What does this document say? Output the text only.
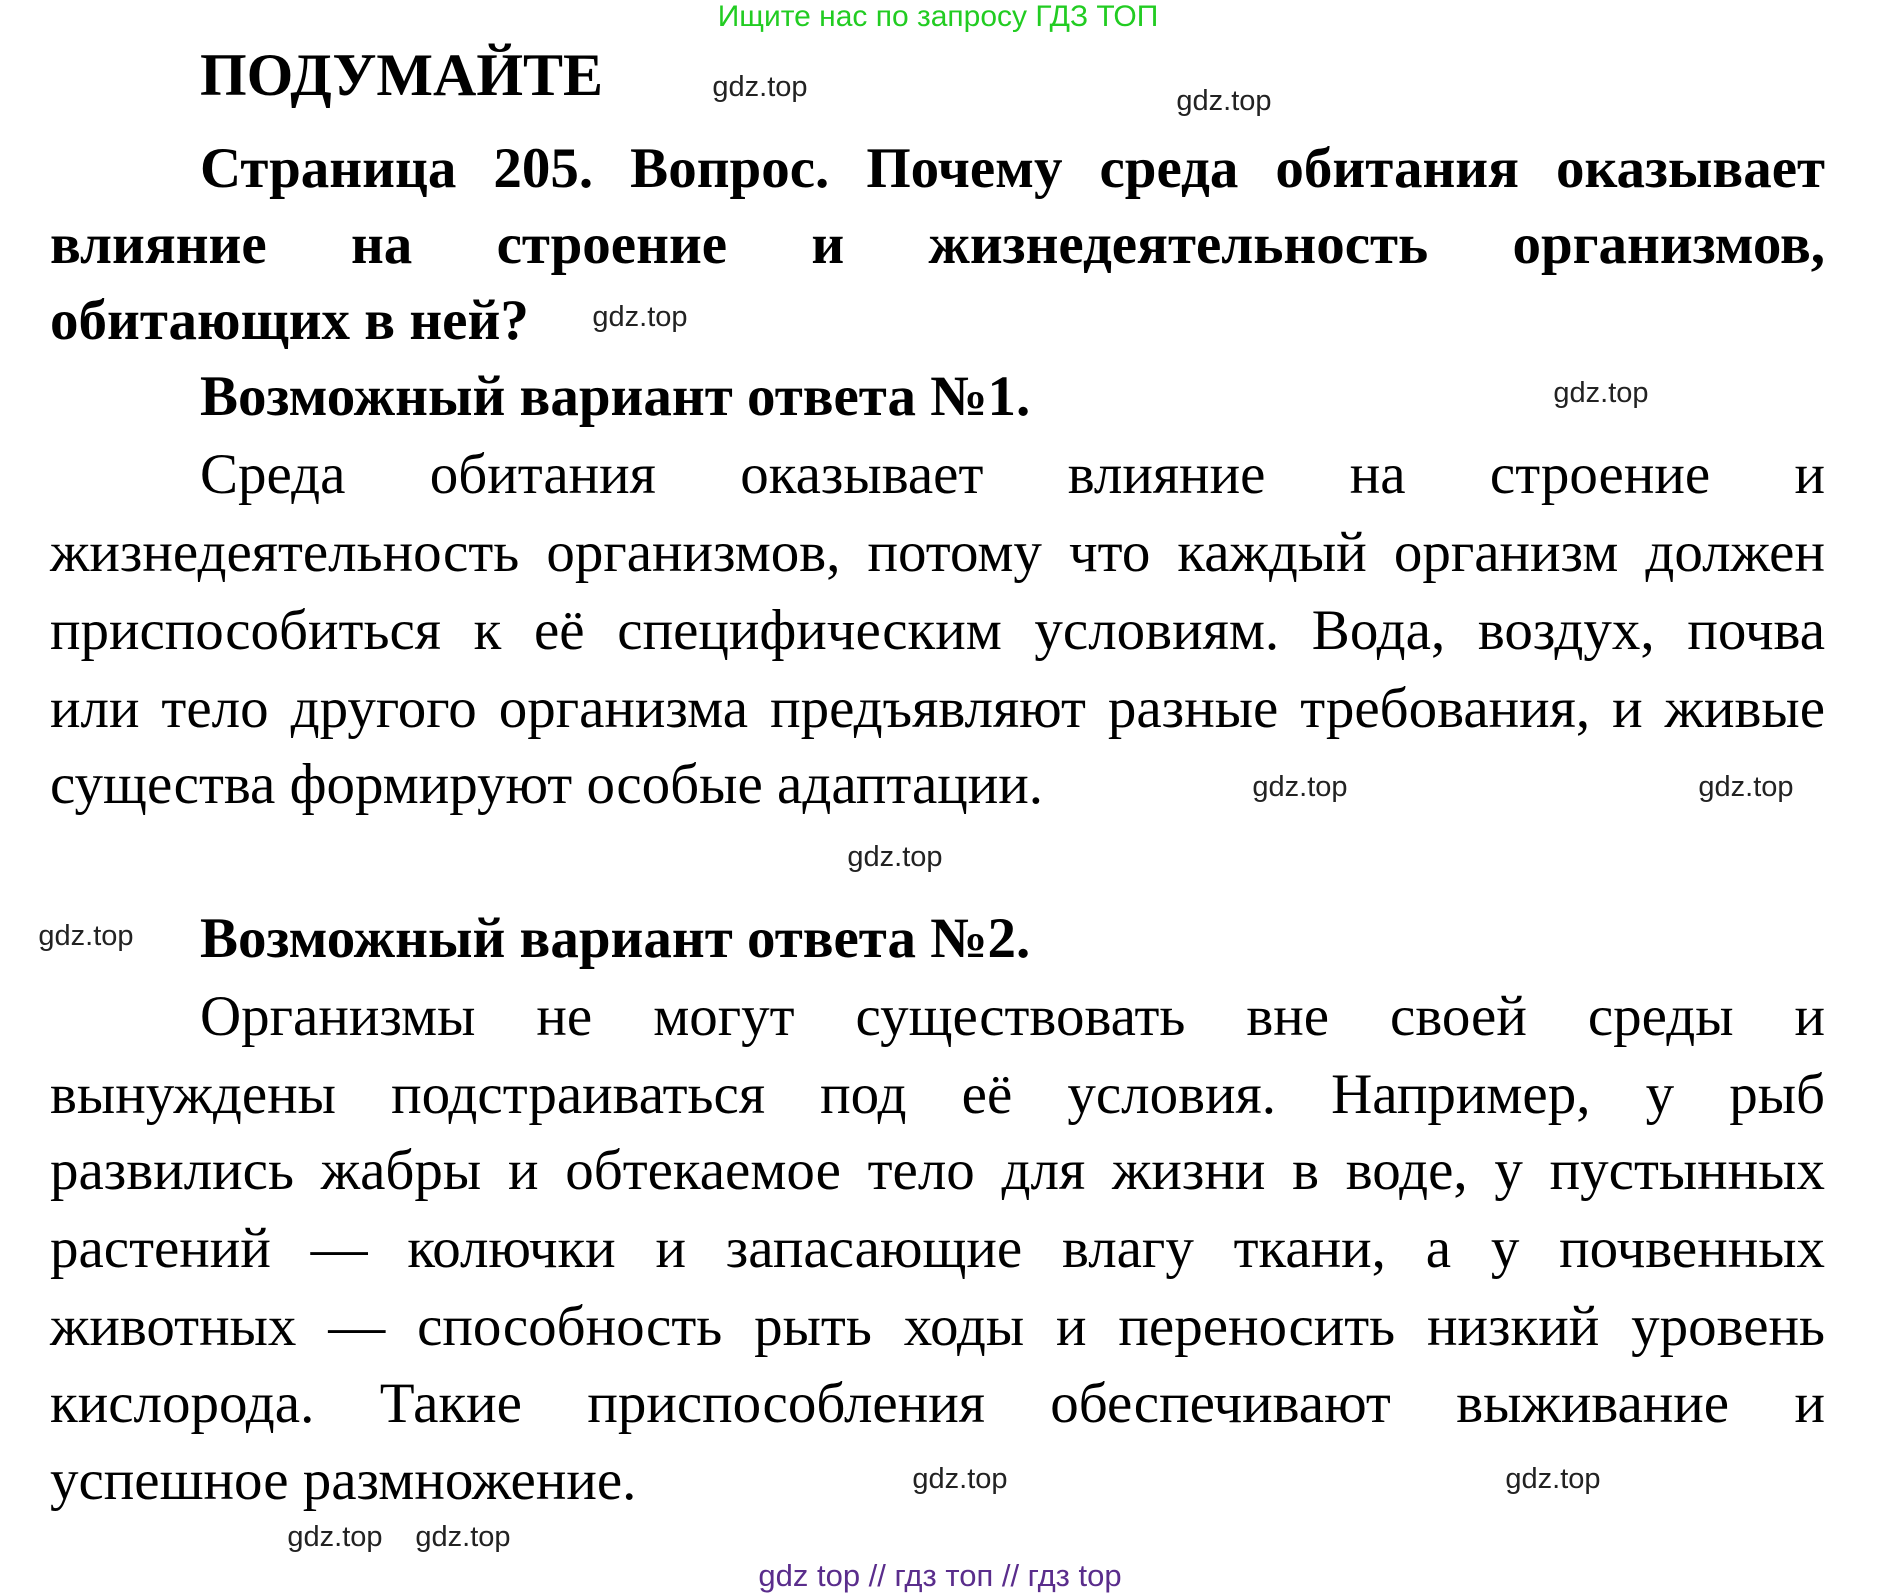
Ищите нас по запросу ГДЗ ТОП
ПОДУМАЙТЕ
Страница 205. Вопрос. Почему среда обитания оказывает
влияние на строение и жизнедеятельность организмов,
обитающих в ней?
Возможный вариант ответа №1.
Среда обитания оказывает влияние на строение и
жизнедеятельность организмов, потому что каждый организм должен
приспособиться к её специфическим условиям. Вода, воздух, почва
или тело другого организма предъявляют разные требования, и живые
существа формируют особые адаптации.
Возможный вариант ответа №2.
Организмы не могут существовать вне своей среды и
вынуждены подстраиваться под её условия. Например, у рыб
развились жабры и обтекаемое тело для жизни в воде, у пустынных
растений — колючки и запасающие влагу ткани, а у почвенных
животных — способность рыть ходы и переносить низкий уровень
кислорода. Такие приспособления обеспечивают выживание и
успешное размножение.
gdz.top
gdz.top
gdz.top
gdz.top
gdz.top
gdz.top
gdz.top
gdz.top
gdz.top
gdz.top
gdz.top
gdz.top
gdz top // гдз топ // гдз top
